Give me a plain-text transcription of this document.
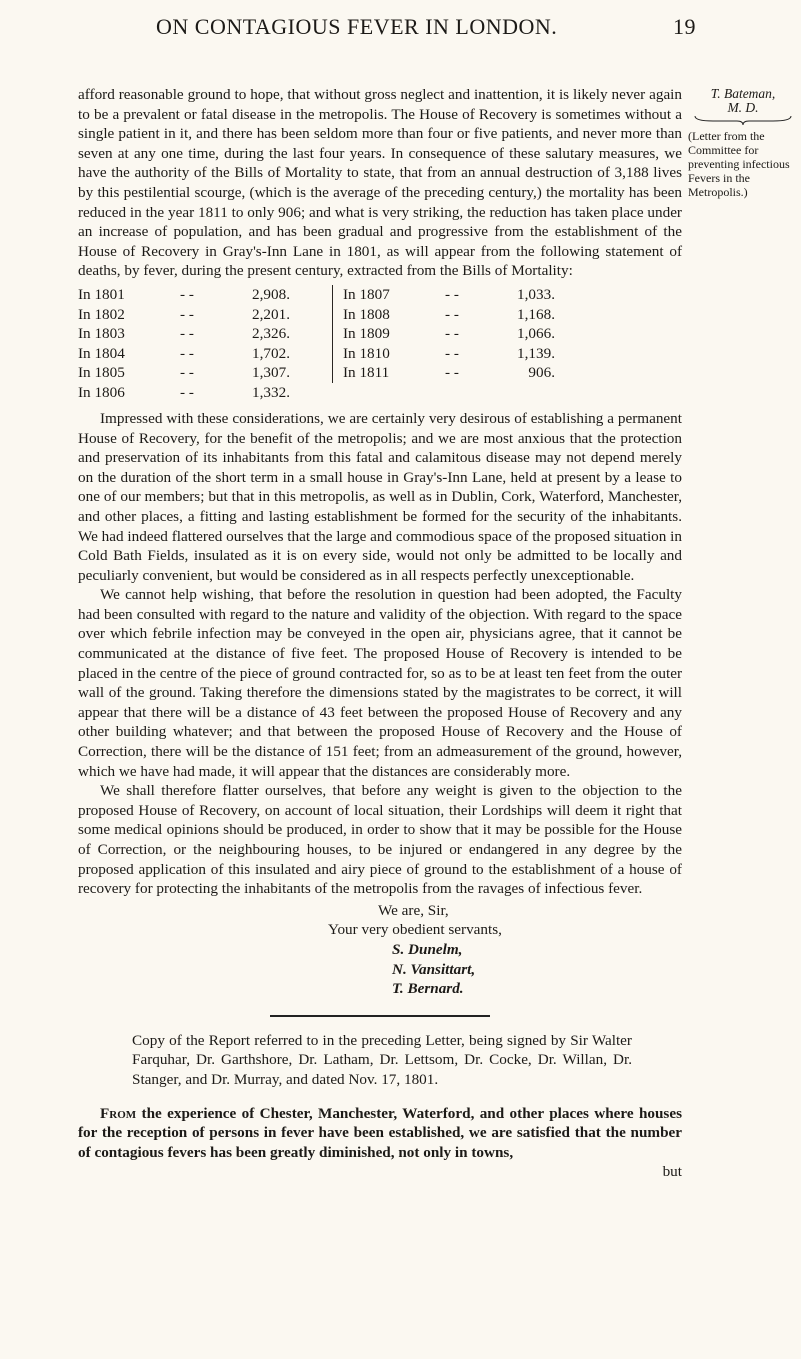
ON CONTAGIOUS FEVER IN LONDON.	19
T. Bateman,
M. D.
(Letter from the Committee for preventing infectious Fevers in the Metropolis.)

afford reasonable ground to hope, that without gross neglect and inattention, it is likely never again to be a prevalent or fatal disease in the metropolis. The House of Recovery is sometimes without a single patient in it, and there has been seldom more than four or five patients, and never more than seven at any one time, during the last four years. In consequence of these salutary measures, we have the authority of the Bills of Mortality to state, that from an annual destruction of 3,188 lives by this pestilential scourge, (which is the average of the preceding century,) the mortality has been reduced in the year 1811 to only 906; and what is very striking, the reduction has taken place under an increase of population, and has been gradual and progressive from the establishment of the House of Recovery in Gray's-Inn Lane in 1801, as will appear from the following statement of deaths, by fever, during the present century, extracted from the Bills of Mortality:

In 1801	- -	2,908.
In 1802	- -	2,201.
In 1803	- -	2,326.
In 1804	- -	1,702.
In 1805	- -	1,307.
In 1806	- -	1,332.
In 1807	- -	1,033.
In 1808	- -	1,168.
In 1809	- -	1,066.
In 1810	- -	1,139.
In 1811	- -	906.

Impressed with these considerations, we are certainly very desirous of establishing a permanent House of Recovery, for the benefit of the metropolis; and we are most anxious that the protection and preservation of its inhabitants from this fatal and calamitous disease may not depend merely on the duration of the short term in a small house in Gray's-Inn Lane, held at present by a lease to one of our members; but that in this metropolis, as well as in Dublin, Cork, Waterford, Manchester, and other places, a fitting and lasting establishment be formed for the security of the inhabitants. We had indeed flattered ourselves that the large and commodious space of the proposed situation in Cold Bath Fields, insulated as it is on every side, would not only be admitted to be locally and peculiarly convenient, but would be considered as in all respects perfectly unexceptionable.

We cannot help wishing, that before the resolution in question had been adopted, the Faculty had been consulted with regard to the nature and validity of the objection. With regard to the space over which febrile infection may be conveyed in the open air, physicians agree, that it cannot be communicated at the distance of five feet. The proposed House of Recovery is intended to be placed in the centre of the piece of ground contracted for, so as to be at least ten feet from the outer wall of the ground. Taking therefore the dimensions stated by the magistrates to be correct, it will appear that there will be a distance of 43 feet between the proposed House of Recovery and any other building whatever; and that between the proposed House of Recovery and the House of Correction, there will be the distance of 151 feet; from an admeasurement of the ground, however, which we have had made, it will appear that the distances are considerably more.

We shall therefore flatter ourselves, that before any weight is given to the objection to the proposed House of Recovery, on account of local situation, their Lordships will deem it right that some medical opinions should be produced, in order to show that it may be possible for the House of Correction, or the neighbouring houses, to be injured or endangered in any degree by the proposed application of this insulated and airy piece of ground to the establishment of a house of recovery for protecting the inhabitants of the metropolis from the ravages of infectious fever.

We are, Sir,
Your very obedient servants,
S. Dunelm,
N. Vansittart,
T. Bernard.

Copy of the Report referred to in the preceding Letter, being signed by Sir Walter Farquhar, Dr. Garthshore, Dr. Latham, Dr. Lettsom, Dr. Cocke, Dr. Willan, Dr. Stanger, and Dr. Murray, and dated Nov. 17, 1801.

From the experience of Chester, Manchester, Waterford, and other places where houses for the reception of persons in fever have been established, we are satisfied that the number of contagious fevers has been greatly diminished, not only in towns,

but
